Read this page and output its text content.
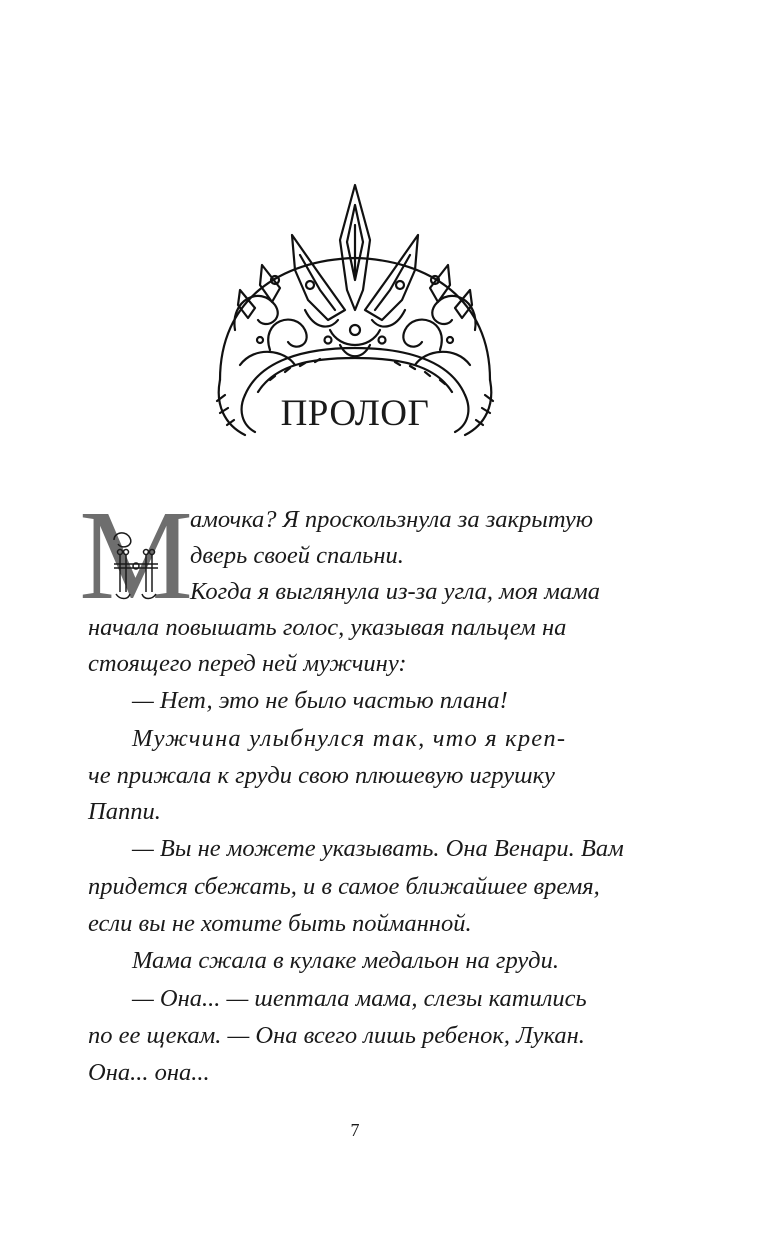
ПРОЛОГ
М
амочка? Я проскользнула за закрытую
дверь своей спальни.
Когда я выглянула из-за угла, моя мама
начала повышать голос, указывая пальцем на
стоящего перед ней мужчину:
— Нет, это не было частью плана!
Мужчина улыбнулся так, что я креп-
че прижала к груди свою плюшевую игрушку
Паппи.
— Вы не можете указывать. Она Венари. Вам
придется сбежать, и в самое ближайшее время,
если вы не хотите быть пойманной.
Мама сжала в кулаке медальон на груди.
— Она... — шептала мама, слезы катились
по ее щекам. — Она всего лишь ребенок, Лукан.
Она... она...
7
